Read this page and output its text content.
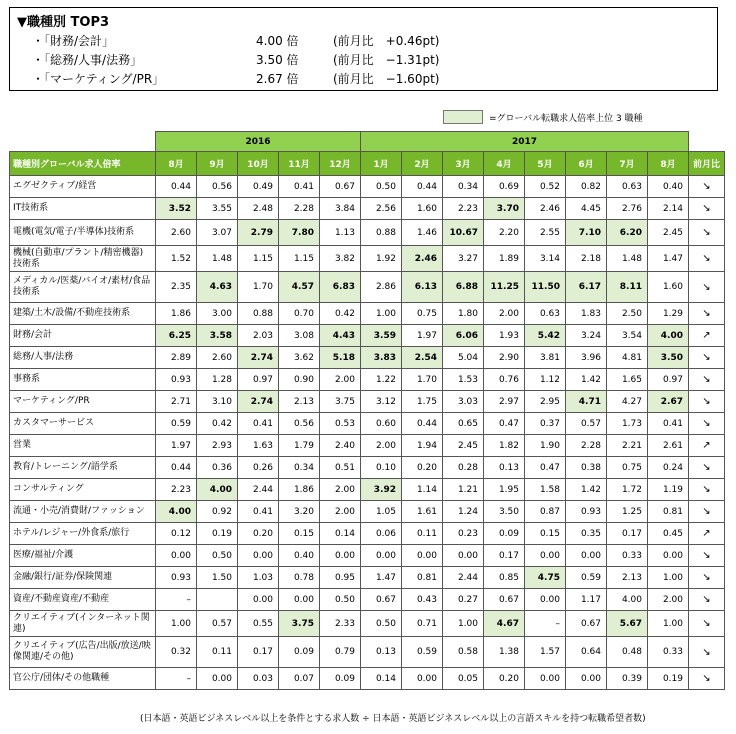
▼職種別 TOP3
・「財務/会計」	4.00 倍	(前月比　+0.46pt)
・「総務/人事/法務」	3.50 倍	(前月比　−1.31pt)
・「マーケティング/PR」	2.67 倍	(前月比　−1.60pt)
=グローバル転職求人倍率上位 3 職種
	2016					2017								
職種別グローバル求人倍率	8月	9月	10月	11月	12月	1月	2月	3月	4月	5月	6月	7月	8月	前月比
エグゼクティブ/経営	0.44	0.56	0.49	0.41	0.67	0.50	0.44	0.34	0.69	0.52	0.82	0.63	0.40	↘
IT技術系	3.52	3.55	2.48	2.28	3.84	2.56	1.60	2.23	3.70	2.46	4.45	2.76	2.14	↘
電機(電気/電子/半導体)技術系	2.60	3.07	2.79	7.80	1.13	0.88	1.46	10.67	2.20	2.55	7.10	6.20	2.45	↘
機械(自動車/プラント/精密機器)技術系	1.52	1.48	1.15	1.15	3.82	1.92	2.46	3.27	1.89	3.14	2.18	1.48	1.47	↘
メディカル/医薬/バイオ/素材/食品技術系	2.35	4.63	1.70	4.57	6.83	2.86	6.13	6.88	11.25	11.50	6.17	8.11	1.60	↘
建築/土木/設備/不動産技術系	1.86	3.00	0.88	0.70	0.42	1.00	0.75	1.80	2.00	0.63	1.83	2.50	1.29	↘
財務/会計	6.25	3.58	2.03	3.08	4.43	3.59	1.97	6.06	1.93	5.42	3.24	3.54	4.00	↗
総務/人事/法務	2.89	2.60	2.74	3.62	5.18	3.83	2.54	5.04	2.90	3.81	3.96	4.81	3.50	↘
事務系	0.93	1.28	0.97	0.90	2.00	1.22	1.70	1.53	0.76	1.12	1.42	1.65	0.97	↘
マーケティング/PR	2.71	3.10	2.74	2.13	3.75	3.12	1.75	3.03	2.97	2.95	4.71	4.27	2.67	↘
カスタマーサービス	0.59	0.42	0.41	0.56	0.53	0.60	0.44	0.65	0.47	0.37	0.57	1.73	0.41	↘
営業	1.97	2.93	1.63	1.79	2.40	2.00	1.94	2.45	1.82	1.90	2.28	2.21	2.61	↗
教育/トレーニング/語学系	0.44	0.36	0.26	0.34	0.51	0.10	0.20	0.28	0.13	0.47	0.38	0.75	0.24	↘
コンサルティング	2.23	4.00	2.44	1.86	2.00	3.92	1.14	1.21	1.95	1.58	1.42	1.72	1.19	↘
流通・小売/消費財/ファッション	4.00	0.92	0.41	3.20	2.00	1.05	1.61	1.24	3.50	0.87	0.93	1.25	0.81	↘
ホテル/レジャー/外食系/旅行	0.12	0.19	0.20	0.15	0.14	0.06	0.11	0.23	0.09	0.15	0.35	0.17	0.45	↗
医療/福祉/介護	0.00	0.50	0.00	0.40	0.00	0.00	0.00	0.00	0.17	0.00	0.00	0.33	0.00	↘
金融/銀行/証券/保険関連	0.93	1.50	1.03	0.78	0.95	1.47	0.81	2.44	0.85	4.75	0.59	2.13	1.00	↘
資産/不動産資産/不動産	–		0.00	0.00	0.50	0.67	0.43	0.27	0.67	0.00	1.17	4.00	2.00	↘
クリエイティブ(インターネット関連)	1.00	0.57	0.55	3.75	2.33	0.50	0.71	1.00	4.67	–	0.67	5.67	1.00	↘
クリエイティブ(広告/出版/放送/映像関連/その他)	0.32	0.11	0.17	0.09	0.79	0.13	0.59	0.58	1.38	1.57	0.64	0.48	0.33	↘
官公庁/団体/その他職種	–	0.00	0.03	0.07	0.09	0.14	0.00	0.05	0.20	0.00	0.00	0.39	0.19	↘
(日本語・英語ビジネスレベル以上を条件とする求人数 ÷ 日本語・英語ビジネスレベル以上の言語スキルを持つ転職希望者数)
